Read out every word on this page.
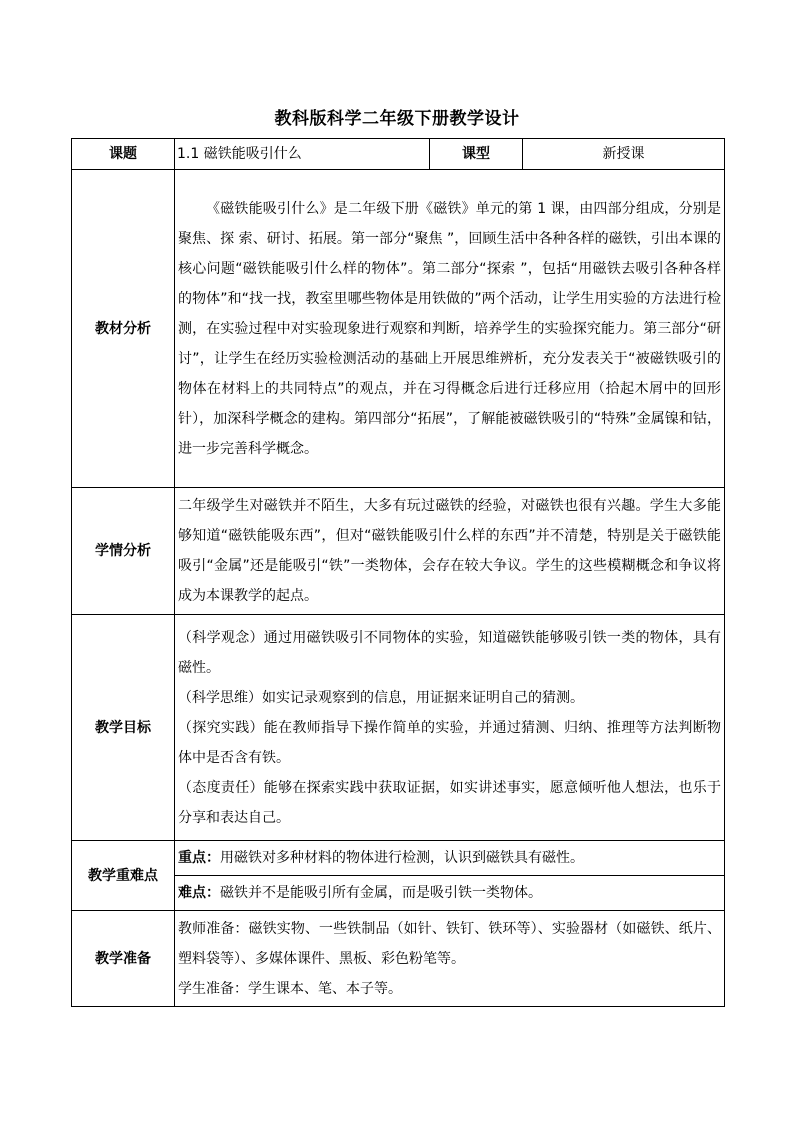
教科版科学二年级下册教学设计
课题	1.1 磁铁能吸引什么	课型	新授课
教材分析	《磁铁能吸引什么》是二年级下册《磁铁》单元的第 1 课，由四部分组成，分别是聚焦、探 索、研讨、拓展。第一部分“聚焦 ”，回顾生活中各种各样的磁铁，引出本课的核心问题“磁铁能吸引什么样的物体”。第二部分“探索 ”，包括“用磁铁去吸引各种各样的物体”和“找一找，教室里哪些物体是用铁做的”两个活动，让学生用实验的方法进行检测，在实验过程中对实验现象进行观察和判断，培养学生的实验探究能力。第三部分“研讨”，让学生在经历实验检测活动的基础上开展思维辨析，充分发表关于“被磁铁吸引的物体在材料上的共同特点”的观点，并在习得概念后进行迁移应用（拾起木屑中的回形针），加深科学概念的建构。第四部分“拓展”，了解能被磁铁吸引的“特殊”金属镍和钴，进一步完善科学概念。		

学情分析	二年级学生对磁铁并不陌生，大多有玩过磁铁的经验，对磁铁也很有兴趣。学生大多能够知道“磁铁能吸东西”，但对“磁铁能吸引什么样的东西”并不清楚，特别是关于磁铁能吸引“金属”还是能吸引“铁”一类物体，会存在较大争议。学生的这些模糊概念和争议将成为本课教学的起点。		

教学目标	（科学观念）通过用磁铁吸引不同物体的实验，知道磁铁能够吸引铁一类的物体，具有磁性。

（科学思维）如实记录观察到的信息，用证据来证明自己的猜测。

（探究实践）能在教师指导下操作简单的实验，并通过猜测、归纳、推理等方法判断物体中是否含有铁。

（态度责任）能够在探索实践中获取证据，如实讲述事实，愿意倾听他人想法，也乐于分享和表达自己。		

教学重难点	重点：用磁铁对多种材料的物体进行检测，认识到磁铁具有磁性。		
	难点：磁铁并不是能吸引所有金属，而是吸引铁一类物体。		
教学准备	教师准备：磁铁实物、一些铁制品（如针、铁钉、铁环等）、实验器材（如磁铁、纸片、塑料袋等）、多媒体课件、黑板、彩色粉笔等。

学生准备：学生课本、笔、本子等。		
